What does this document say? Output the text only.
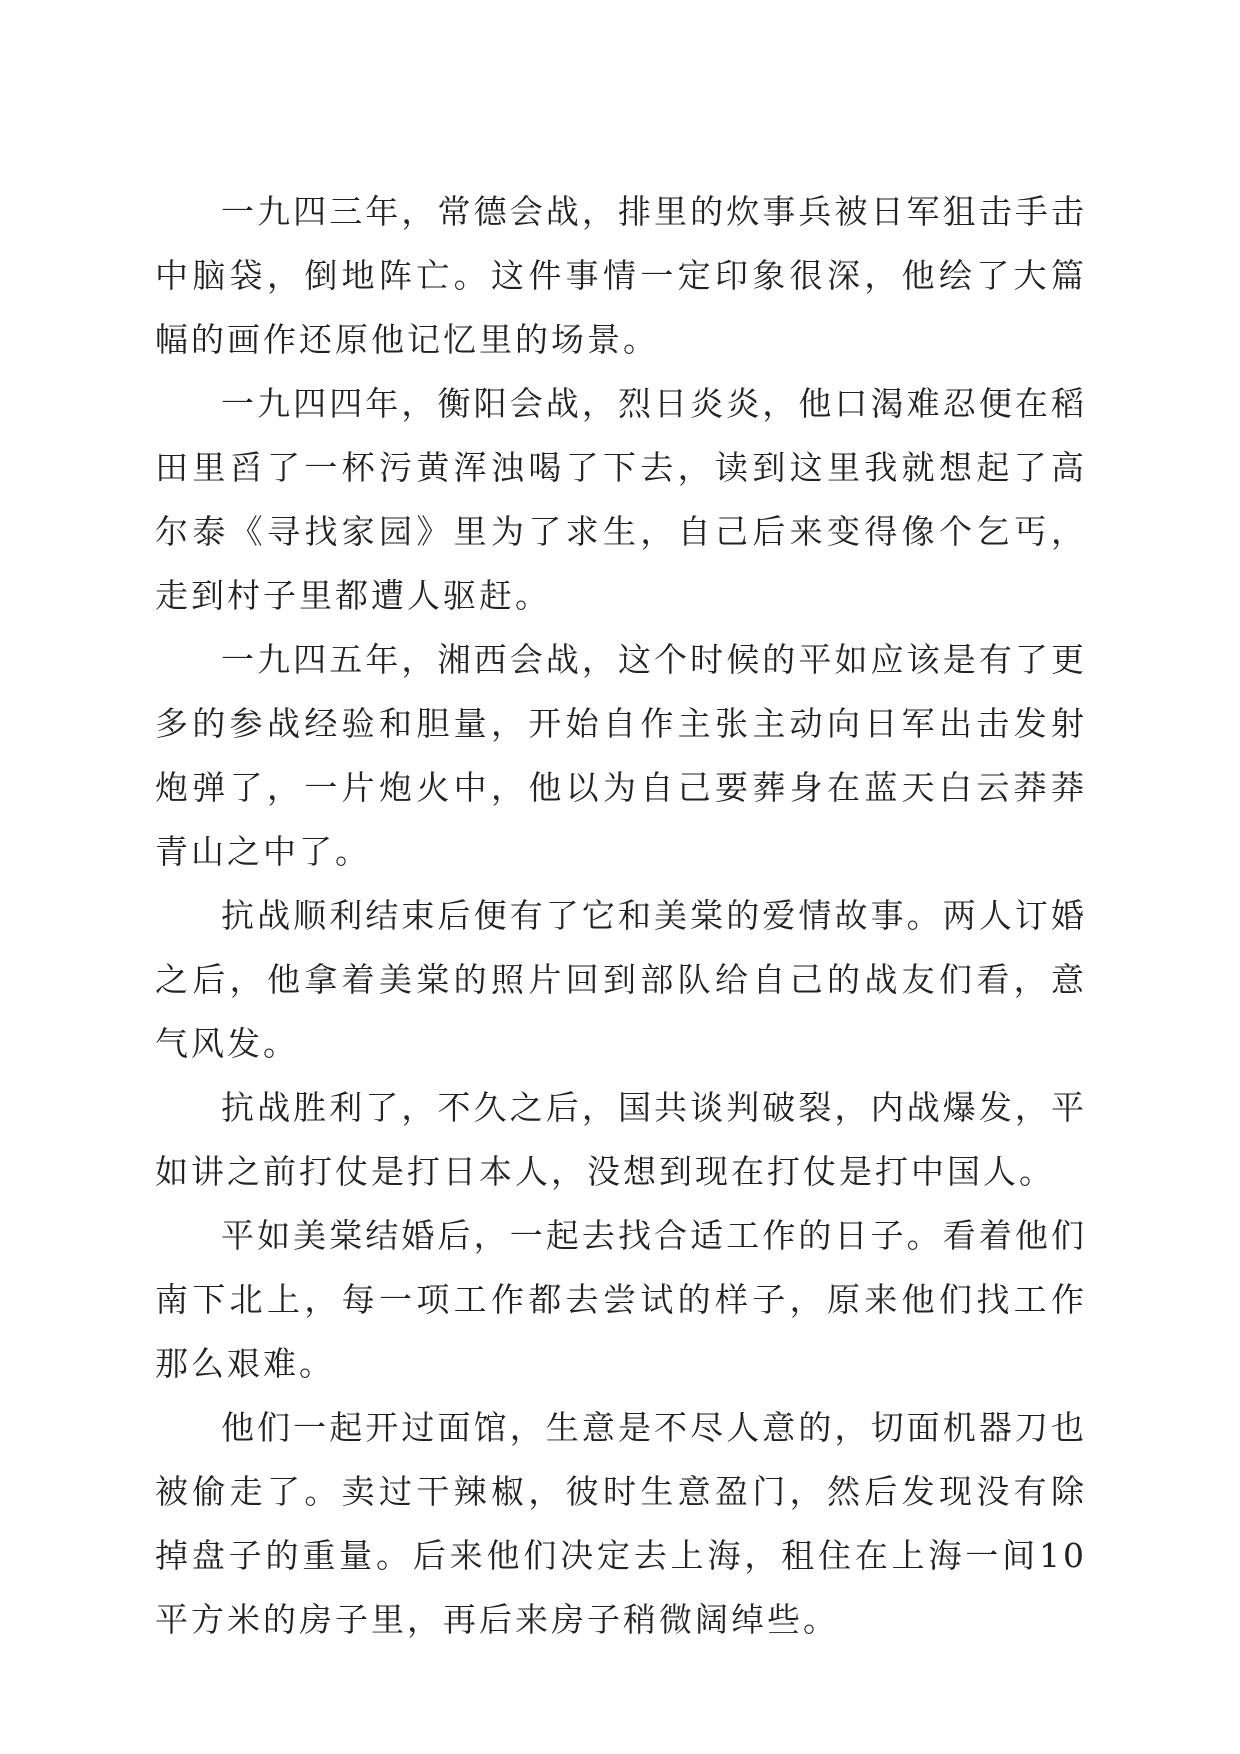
一九四三年，常德会战，排里的炊事兵被日军狙击手击中脑袋，倒地阵亡。这件事情一定印象很深，他绘了大篇幅的画作还原他记忆里的场景。

一九四四年，衡阳会战，烈日炎炎，他口渴难忍便在稻田里舀了一杯污黄浑浊喝了下去，读到这里我就想起了高尔泰《寻找家园》里为了求生，自己后来变得像个乞丐，走到村子里都遭人驱赶。

一九四五年，湘西会战，这个时候的平如应该是有了更多的参战经验和胆量，开始自作主张主动向日军出击发射炮弹了，一片炮火中，他以为自己要葬身在蓝天白云莽莽青山之中了。

抗战顺利结束后便有了它和美棠的爱情故事。两人订婚之后，他拿着美棠的照片回到部队给自己的战友们看，意气风发。

抗战胜利了，不久之后，国共谈判破裂，内战爆发，平如讲之前打仗是打日本人，没想到现在打仗是打中国人。

平如美棠结婚后，一起去找合适工作的日子。看着他们南下北上，每一项工作都去尝试的样子，原来他们找工作那么艰难。

他们一起开过面馆，生意是不尽人意的，切面机器刀也被偷走了。卖过干辣椒，彼时生意盈门，然后发现没有除掉盘子的重量。后来他们决定去上海，租住在上海一间10平方米的房子里，再后来房子稍微阔绰些。
